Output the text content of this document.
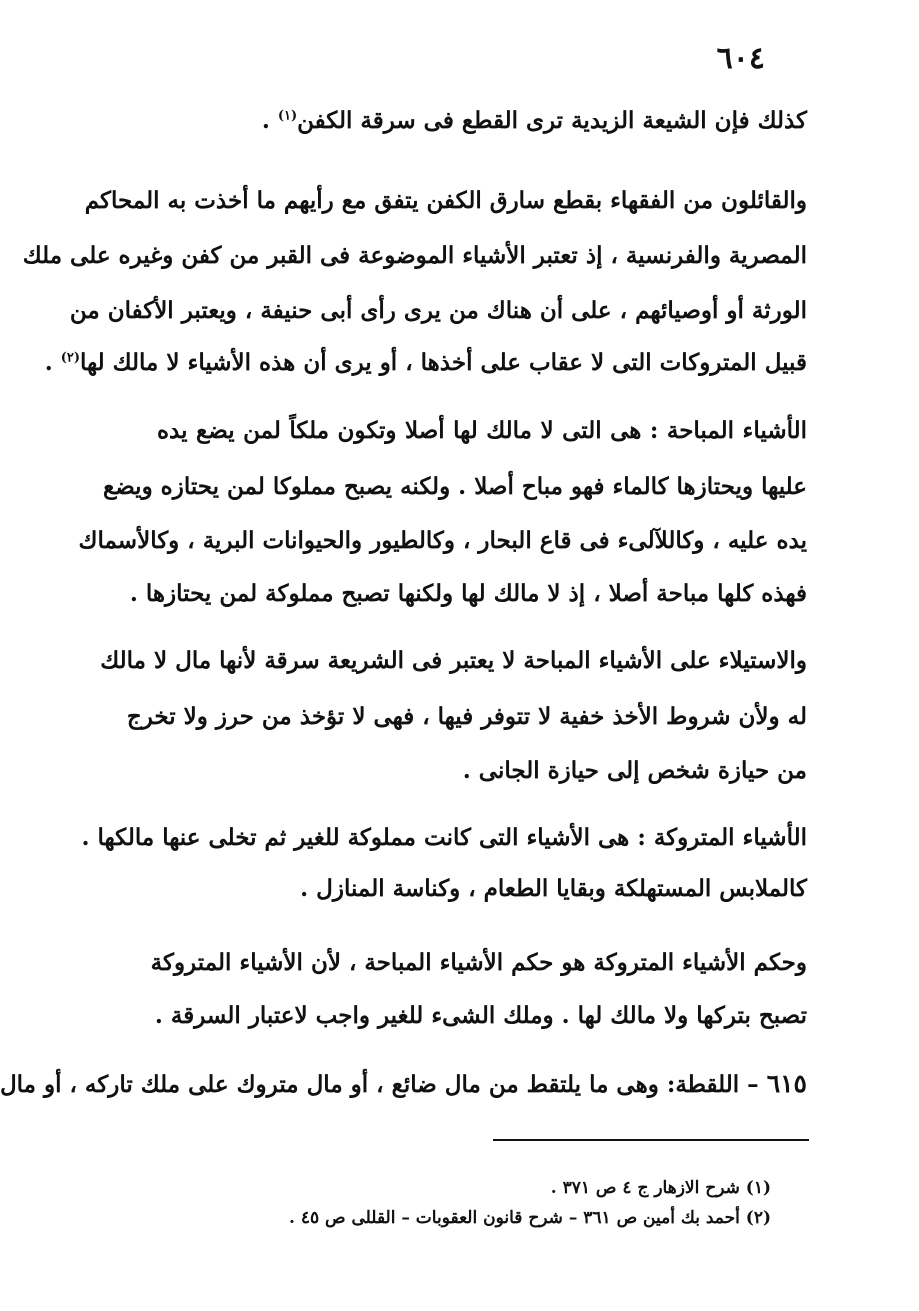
٦٠٤
كذلك فإن الشيعة الزيدية ترى القطع فى سرقة الكفن$^{(١)}$ .
والقائلون من الفقهاء بقطع سارق الكفن يتفق مع رأيهم ما أخذت به المحاكم
المصرية والفرنسية ، إذ تعتبر الأشياء الموضوعة فى القبر من كفن وغيره على ملك
الورثة أو أوصيائهم ، على أن هناك من يرى رأى أبى حنيفة ، ويعتبر الأكفان من
قبيل المتروكات التى لا عقاب على أخذها ، أو يرى أن هذه الأشياء لا مالك لها$^{(٢)}$ .
الأشياء المباحة : هى التى لا مالك لها أصلا وتكون ملكاً لمن يضع يده
عليها ويحتازها كالماء فهو مباح أصلا . ولكنه يصبح مملوكا لمن يحتازه ويضع
يده عليه ، وكاللآلىء فى قاع البحار ، وكالطيور والحيوانات البرية ، وكالأسماك
فهذه كلها مباحة أصلا ، إذ لا مالك لها ولكنها تصبح مملوكة لمن يحتازها .
والاستيلاء على الأشياء المباحة لا يعتبر فى الشريعة سرقة لأنها مال لا مالك
له ولأن شروط الأخذ خفية لا تتوفر فيها ، فهى لا تؤخذ من حرز ولا تخرج
من حيازة شخص إلى حيازة الجانى .
الأشياء المتروكة : هى الأشياء التى كانت مملوكة للغير ثم تخلى عنها مالكها .
كالملابس المستهلكة وبقايا الطعام ، وكناسة المنازل .
وحكم الأشياء المتروكة هو حكم الأشياء المباحة ، لأن الأشياء المتروكة
تصبح بتركها ولا مالك لها . وملك الشىء للغير واجب لاعتبار السرقة .
٦١٥ – اللقطة: وهى ما يلتقط من مال ضائع ، أو مال متروك على ملك تاركه ، أو مال
(١) شرح الازهار ج ٤ ص ٣٧١ .
(٢) أحمد بك أمين ص ٣٦١ – شرح قانون العقوبات – القللى ص ٤٥ .
